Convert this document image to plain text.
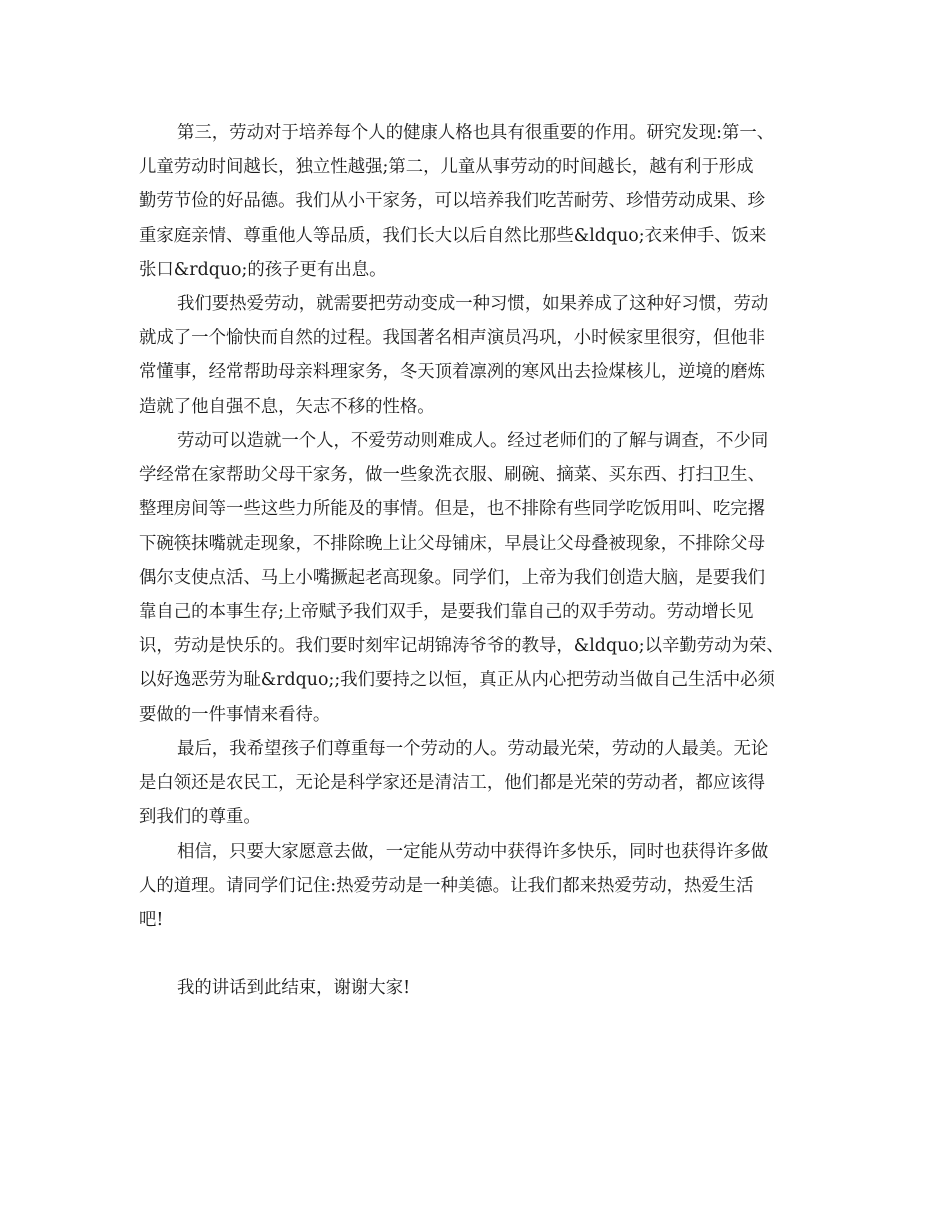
第三，劳动对于培养每个人的健康人格也具有很重要的作用。研究发现:第一、
儿童劳动时间越长，独立性越强;第二，儿童从事劳动的时间越长，越有利于形成
勤劳节俭的好品德。我们从小干家务，可以培养我们吃苦耐劳、珍惜劳动成果、珍
重家庭亲情、尊重他人等品质，我们长大以后自然比那些&ldquo;衣来伸手、饭来
张口&rdquo;的孩子更有出息。
我们要热爱劳动，就需要把劳动变成一种习惯，如果养成了这种好习惯，劳动
就成了一个愉快而自然的过程。我国著名相声演员冯巩，小时候家里很穷，但他非
常懂事，经常帮助母亲料理家务，冬天顶着凛冽的寒风出去捡煤核儿，逆境的磨炼
造就了他自强不息，矢志不移的性格。
劳动可以造就一个人，不爱劳动则难成人。经过老师们的了解与调查，不少同
学经常在家帮助父母干家务，做一些象洗衣服、刷碗、摘菜、买东西、打扫卫生、
整理房间等一些这些力所能及的事情。但是，也不排除有些同学吃饭用叫、吃完撂
下碗筷抹嘴就走现象，不排除晚上让父母铺床，早晨让父母叠被现象，不排除父母
偶尔支使点活、马上小嘴撅起老高现象。同学们，上帝为我们创造大脑，是要我们
靠自己的本事生存;上帝赋予我们双手，是要我们靠自己的双手劳动。劳动增长见
识，劳动是快乐的。我们要时刻牢记胡锦涛爷爷的教导，&ldquo;以辛勤劳动为荣、
以好逸恶劳为耻&rdquo;;我们要持之以恒，真正从内心把劳动当做自己生活中必须
要做的一件事情来看待。
最后，我希望孩子们尊重每一个劳动的人。劳动最光荣，劳动的人最美。无论
是白领还是农民工，无论是科学家还是清洁工，他们都是光荣的劳动者，都应该得
到我们的尊重。
相信，只要大家愿意去做，一定能从劳动中获得许多快乐，同时也获得许多做
人的道理。请同学们记住:热爱劳动是一种美德。让我们都来热爱劳动，热爱生活
吧!
我的讲话到此结束，谢谢大家!
